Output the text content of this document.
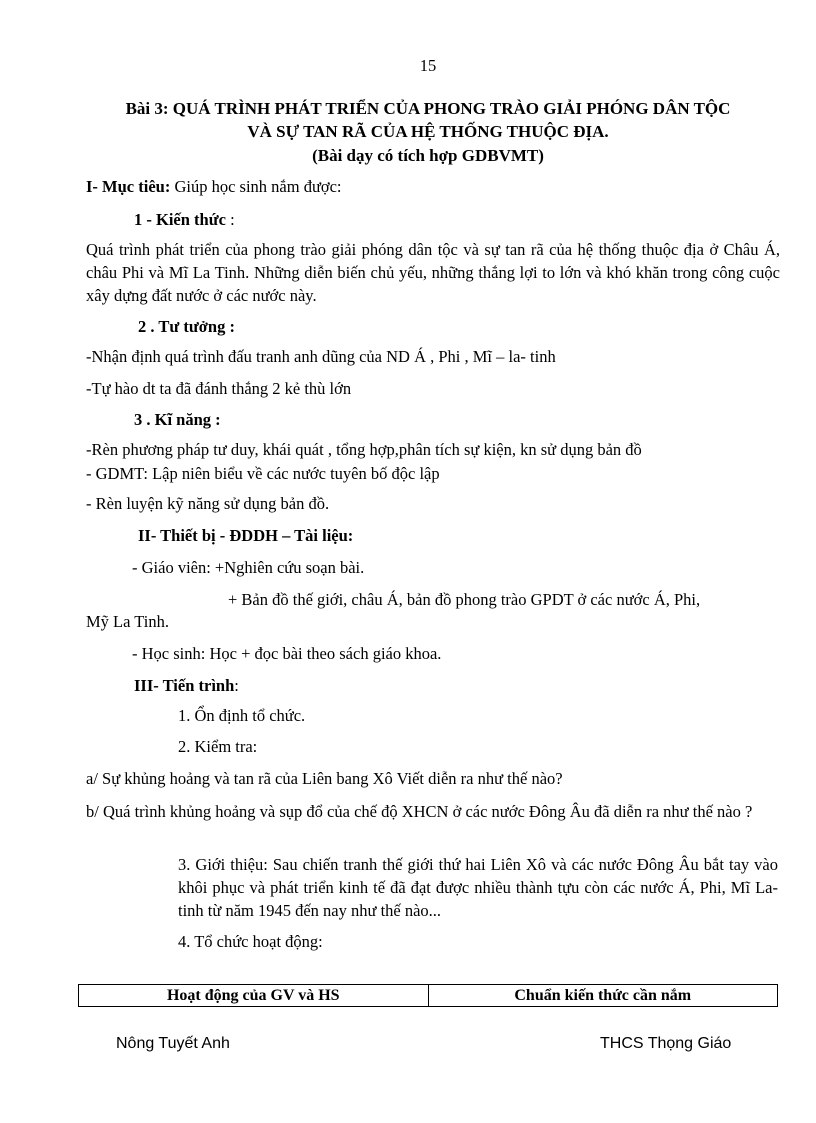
15
Bài 3: QUÁ TRÌNH PHÁT TRIỂN CỦA PHONG TRÀO GIẢI PHÓNG DÂN TỘC
VÀ SỰ TAN RÃ CỦA HỆ THỐNG THUỘC ĐỊA.
(Bài dạy có tích hợp GDBVMT)
I- Mục tiêu: Giúp học sinh nắm được:
1 - Kiến thức :
Quá trình phát triển của phong trào giải phóng dân tộc và sự tan rã của hệ thống thuộc địa ở Châu Á, châu Phi và Mĩ La Tinh. Những diễn biến chủ yếu, những thắng lợi to lớn và khó khăn trong công cuộc xây dựng đất nước ở các nước này.
2 . Tư tưởng :
-Nhận định quá trình đấu tranh anh dũng của ND Á , Phi , Mĩ – la- tinh
-Tự hào dt ta đã đánh thắng 2 kẻ thù lớn
3 . Kĩ năng :
-Rèn phương pháp tư duy, khái quát , tổng hợp,phân tích sự kiện, kn sử dụng bản đồ
- GDMT: Lập niên biểu về các nước tuyên bố độc lập
- Rèn luyện kỹ năng sử dụng bản đồ.
II- Thiết bị - ĐDDH – Tài liệu:
- Giáo viên: +Nghiên cứu soạn bài.
+ Bản đồ thế giới, châu Á, bản đồ phong trào GPDT ở các nước Á, Phi,
Mỹ La Tinh.
- Học sinh: Học + đọc bài theo sách giáo khoa.
III- Tiến trình:
1. Ổn định tổ chức.
2. Kiểm tra:
a/ Sự khủng hoảng và tan rã của Liên bang Xô Viết diễn ra như thế nào?
b/ Quá trình khủng hoảng và sụp đổ của chế độ XHCN ở các nước Đông Âu đã diễn ra như thế nào ?
3. Giới thiệu: Sau chiến tranh thế giới thứ hai Liên Xô và các nước Đông Âu bắt tay vào khôi phục và phát triển kinh tế đã đạt được nhiều thành tựu còn các nước Á, Phi, Mĩ La- tinh từ năm 1945 đến nay như thế nào...
4. Tổ chức hoạt động:
Hoạt động của GV và HS	Chuẩn kiến thức cần nắm
Nông Tuyết Anh	THCS Thọng Giáo
